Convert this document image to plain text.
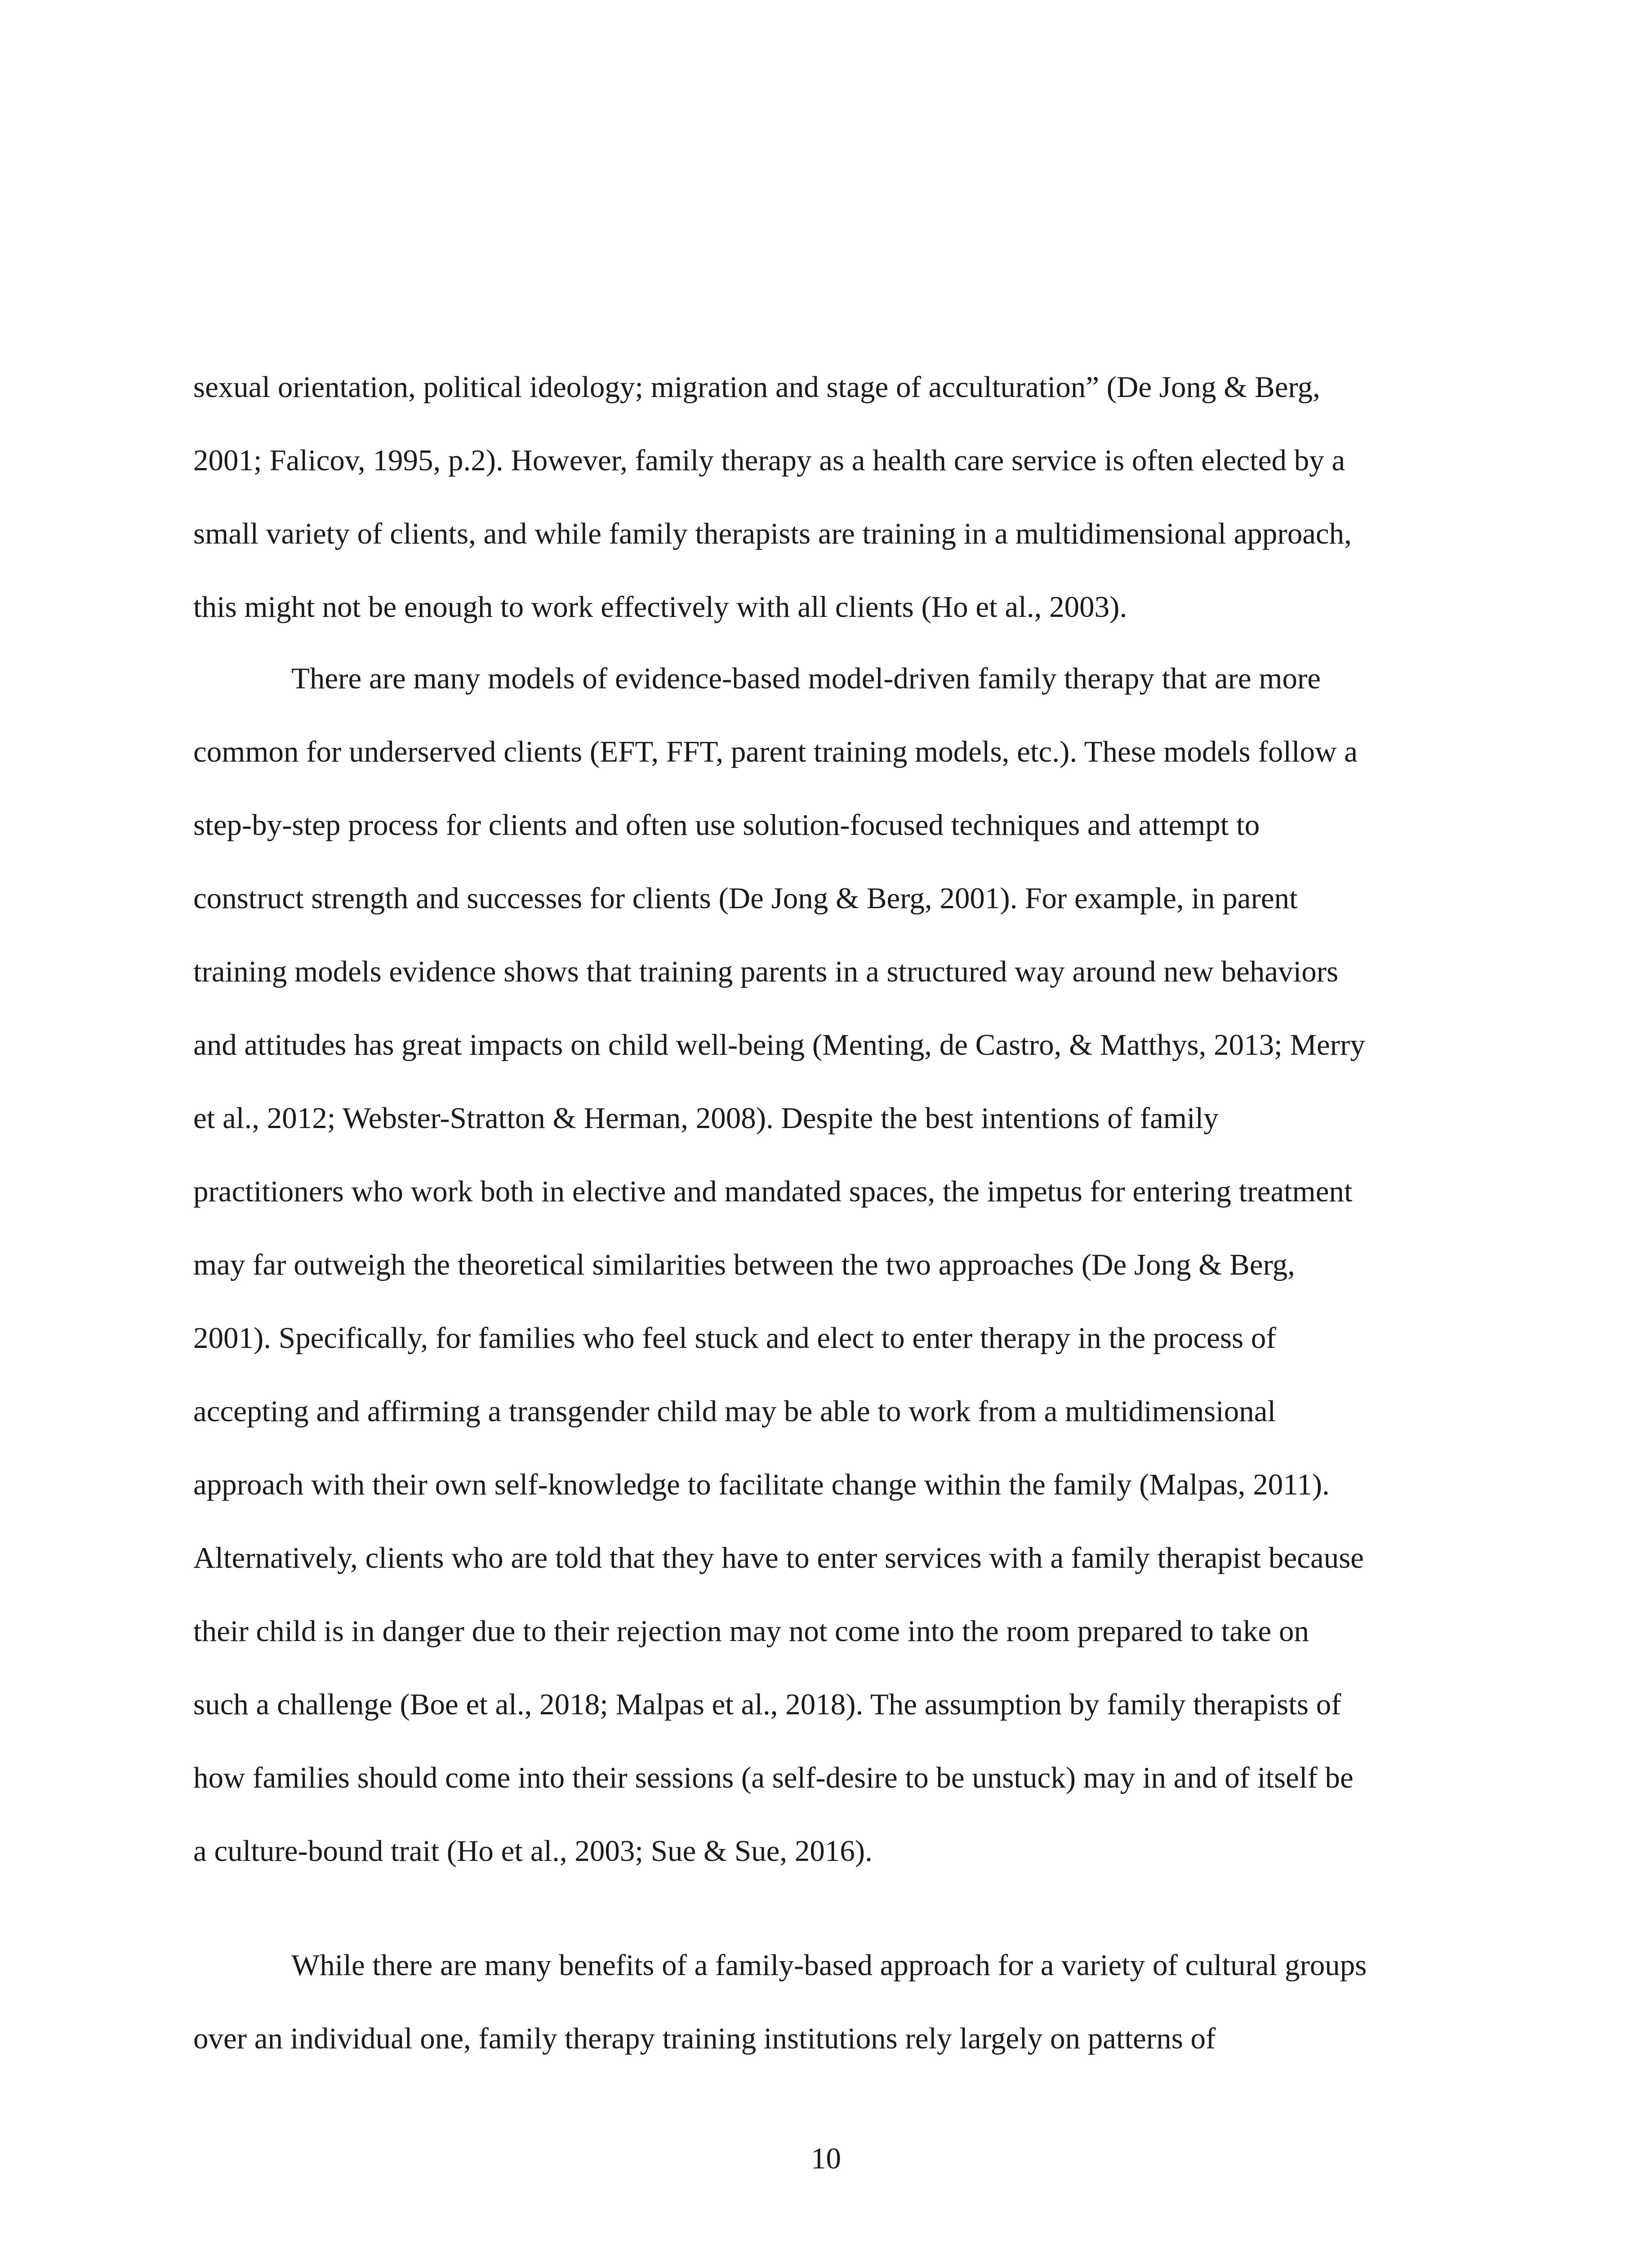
sexual orientation, political ideology; migration and stage of acculturation” (De Jong & Berg,
2001; Falicov, 1995, p.2). However, family therapy as a health care service is often elected by a
small variety of clients, and while family therapists are training in a multidimensional approach,
this might not be enough to work effectively with all clients (Ho et al., 2003).
There are many models of evidence-based model-driven family therapy that are more
common for underserved clients (EFT, FFT, parent training models, etc.). These models follow a
step-by-step process for clients and often use solution-focused techniques and attempt to
construct strength and successes for clients (De Jong & Berg, 2001). For example, in parent
training models evidence shows that training parents in a structured way around new behaviors
and attitudes has great impacts on child well-being (Menting, de Castro, & Matthys, 2013; Merry
et al., 2012; Webster-Stratton & Herman, 2008). Despite the best intentions of family
practitioners who work both in elective and mandated spaces, the impetus for entering treatment
may far outweigh the theoretical similarities between the two approaches (De Jong & Berg,
2001). Specifically, for families who feel stuck and elect to enter therapy in the process of
accepting and affirming a transgender child may be able to work from a multidimensional
approach with their own self-knowledge to facilitate change within the family (Malpas, 2011).
Alternatively, clients who are told that they have to enter services with a family therapist because
their child is in danger due to their rejection may not come into the room prepared to take on
such a challenge (Boe et al., 2018; Malpas et al., 2018). The assumption by family therapists of
how families should come into their sessions (a self-desire to be unstuck) may in and of itself be
a culture-bound trait (Ho et al., 2003; Sue & Sue, 2016).
While there are many benefits of a family-based approach for a variety of cultural groups
over an individual one, family therapy training institutions rely largely on patterns of
10
